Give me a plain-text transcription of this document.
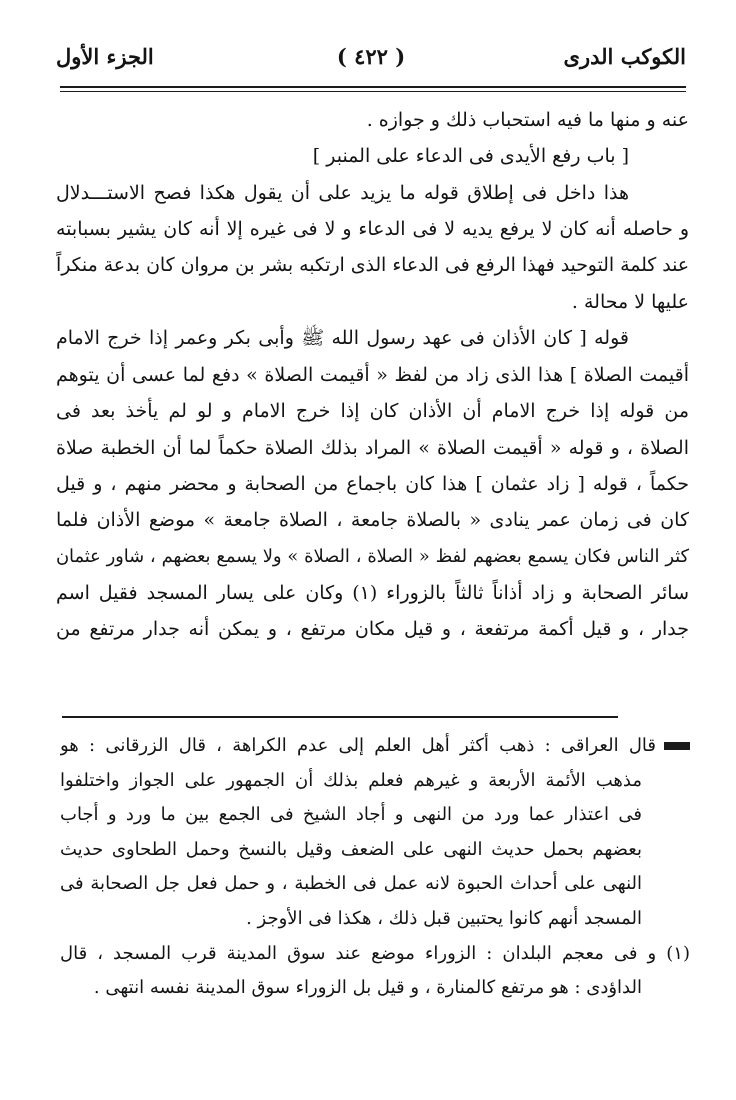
الكوكب الدرى
( ٤٢٢ )
الجزء الأول
عنه و منها ما فيه استحباب ذلك و جوازه .
[ باب رفع الأيدى فى الدعاء على المنبر ]
هذا داخل فى إطلاق قوله ما يزيد على أن يقول هكذا فصح الاستـــدلال
و حاصله أنه كان لا يرفع يديه لا فى الدعاء و لا فى غيره إلا أنه كان يشير بسبابته
عند كلمة التوحيد فهذا الرفع فى الدعاء الذى ارتكبه بشر بن مروان كان بدعة منكراً
عليها لا محالة .
قوله [ كان الأذان فى عهد رسول الله ﷺ وأبى بكر وعمر إذا خرج الامام
أقيمت الصلاة ] هذا الذى زاد من لفظ « أقيمت الصلاة » دفع لما عسى أن يتوهم
من قوله إذا خرج الامام أن الأذان كان إذا خرج الامام و لو لم يأخذ بعد فى
الصلاة ، و قوله « أقيمت الصلاة » المراد بذلك الصلاة حكماً لما أن الخطبة صلاة
حكماً ، قوله [ زاد عثمان ] هذا كان باجماع من الصحابة و محضر منهم ، و قيل
كان فى زمان عمر ينادى « بالصلاة جامعة ، الصلاة جامعة » موضع الأذان فلما
كثر الناس فكان يسمع بعضهم لفظ « الصلاة ، الصلاة » ولا يسمع بعضهم ، شاور عثمان
سائر الصحابة و زاد أذاناً ثالثاً بالزوراء (١) وكان على يسار المسجد فقيل اسم
جدار ، و قيل أكمة مرتفعة ، و قيل مكان مرتفع ، و يمكن أنه جدار مرتفع من
قال العراقى : ذهب أكثر أهل العلم إلى عدم الكراهة ، قال الزرقانى : هو
مذهب الأئمة الأربعة و غيرهم فعلم بذلك أن الجمهور على الجواز واختلفوا
فى اعتذار عما ورد من النهى و أجاد الشيخ فى الجمع بين ما ورد و أجاب
بعضهم بحمل حديث النهى على الضعف وقيل بالنسخ وحمل الطحاوى حديث
النهى على أحداث الحبوة لانه عمل فى الخطبة ، و حمل فعل جل الصحابة فى
المسجد أنهم كانوا يحتبين قبل ذلك ، هكذا فى الأوجز .
(١) و فى معجم البلدان : الزوراء موضع عند سوق المدينة قرب المسجد ، قال
الداؤدى : هو مرتفع كالمنارة ، و قيل بل الزوراء سوق المدينة نفسه انتهى .
